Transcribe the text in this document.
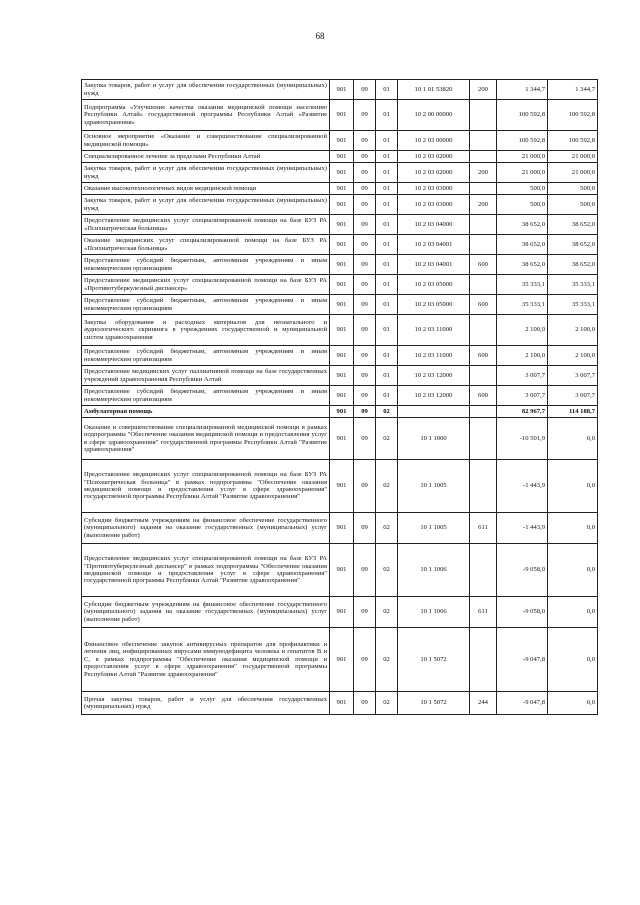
68
Закупка товаров, работ и услуг для обеспечения государственных (муниципальных) нужд	901	09	01	10 1 01 53820	200	1 344,7	1 344,7
Подпрограмма «Улучшение качества оказания медицинской помощи населению Республики Алтай» государственной программы Республики Алтай «Развитие здравоохранения»	901	09	01	10 2 00 00000		100 592,8	100 592,8
Основное мероприятие «Оказание и совершенствование специализированной медицинской помощи»	901	09	01	10 2 03 00000		100 592,8	100 592,8
Специализированное лечение за пределами Республики Алтай	901	09	01	10 2 03 02000		21 000,0	21 000,0
Закупка товаров, работ и услуг для обеспечения государственных (муниципальных) нужд	901	09	01	10 2 03 02000	200	21 000,0	21 000,0
Оказание высокотехнологичных видов медицинской помощи	901	09	01	10 2 03 03000		500,0	500,0
Закупка товаров, работ и услуг для обеспечения государственных (муниципальных) нужд	901	09	01	10 2 03 03000	200	500,0	500,0
Предоставление медицинских услуг специализированной помощи на базе БУЗ РА «Психиатрическая больница»	901	09	01	10 2 03 04000		38 652,0	38 652,0
Оказание медицинских услуг специализированной помощи на базе БУЗ РА «Психиатрическая больница»	901	09	01	10 2 03 04001		38 652,0	38 652,0
Предоставление субсидий бюджетным, автономным учреждениям и иным некоммерческим организациям	901	09	01	10 2 03 04001	600	38 652,0	38 652,0
Предоставление медицинских услуг специализированной помощи на базе БУЗ РА «Противотуберкулезный диспансер»	901	09	01	10 2 03 05000		35 333,1	35 333,1
Предоставление субсидий бюджетным, автономным учреждениям и иным некоммерческим организациям	901	09	01	10 2 03 05000	600	35 333,1	35 333,1
Закупка оборудования и расходных материалов для неонатального и аудиологического скрининга в учреждениях государственной и муниципальной систем здравоохранения	901	09	01	10 2 03 11000		2 100,0	2 100,0
Предоставление субсидий бюджетным, автономным учреждениям и иным некоммерческим организациям	901	09	01	10 2 03 11000	600	2 100,0	2 100,0
Предоставление медицинских услуг паллиативной помощи на базе государственных учреждений здравоохранения Республики Алтай	901	09	01	10 2 03 12000		3 007,7	3 007,7
Предоставление субсидий бюджетным, автономным учреждениям и иным некоммерческим организациям	901	09	01	10 2 03 12000	600	3 007,7	3 007,7
Амбулаторная помощь	901	09	02			82 967,7	114 188,7
Оказание и совершенствование специализированной медицинской помощи в рамках подпрограммы "Обеспечение оказания медицинской помощи и предоставления услуг в сфере здравоохранения" государственной программы Республики Алтай "Развитие здравоохранения"	901	09	02	10 1 1000		-10 501,9	0,0
Предоставление медицинских услуг специализированной помощи на базе БУЗ РА "Психиатрическая больница" в рамках подпрограммы "Обеспечение оказания медицинской помощи и предоставления услуг в сфере здравоохранения" государственной программы Республики Алтай "Развитие здравоохранения"	901	09	02	10 1 1005		-1 443,9	0,0
Субсидии бюджетным учреждениям на финансовое обеспечение государственного (муниципального) задания на оказание государственных (муниципальных) услуг (выполнение работ)	901	09	02	10 1 1005	611	-1 443,9	0,0
Предоставление медицинских услуг специализированной помощи на базе БУЗ РА "Противотуберкулезный диспансер" в рамках подпрограммы "Обеспечение оказания медицинской помощи и предоставления услуг в сфере здравоохранения" государственной программы Республики Алтай "Развитие здравоохранения"	901	09	02	10 1 1006		-9 058,0	0,0
Субсидии бюджетным учреждениям на финансовое обеспечение государственного (муниципального) задания на оказание государственных (муниципальных) услуг (выполнение работ)	901	09	02	10 1 1006	611	-9 058,0	0,0
Финансовое обеспечение закупок антивирусных препаратов для профилактики и лечения лиц, инфицированных вирусами иммунодефицита человека и гепатитов В и С, в рамках подпрограммы "Обеспечение оказания медицинской помощи и предоставления услуг в сфере здравоохранения" государственной программы Республики Алтай "Развитие здравоохранения"	901	09	02	10 1 5072		-9 047,8	0,0
Прочая закупка товаров, работ и услуг для обеспечения государственных (муниципальных) нужд	901	09	02	10 1 5072	244	-9 047,8	0,0
